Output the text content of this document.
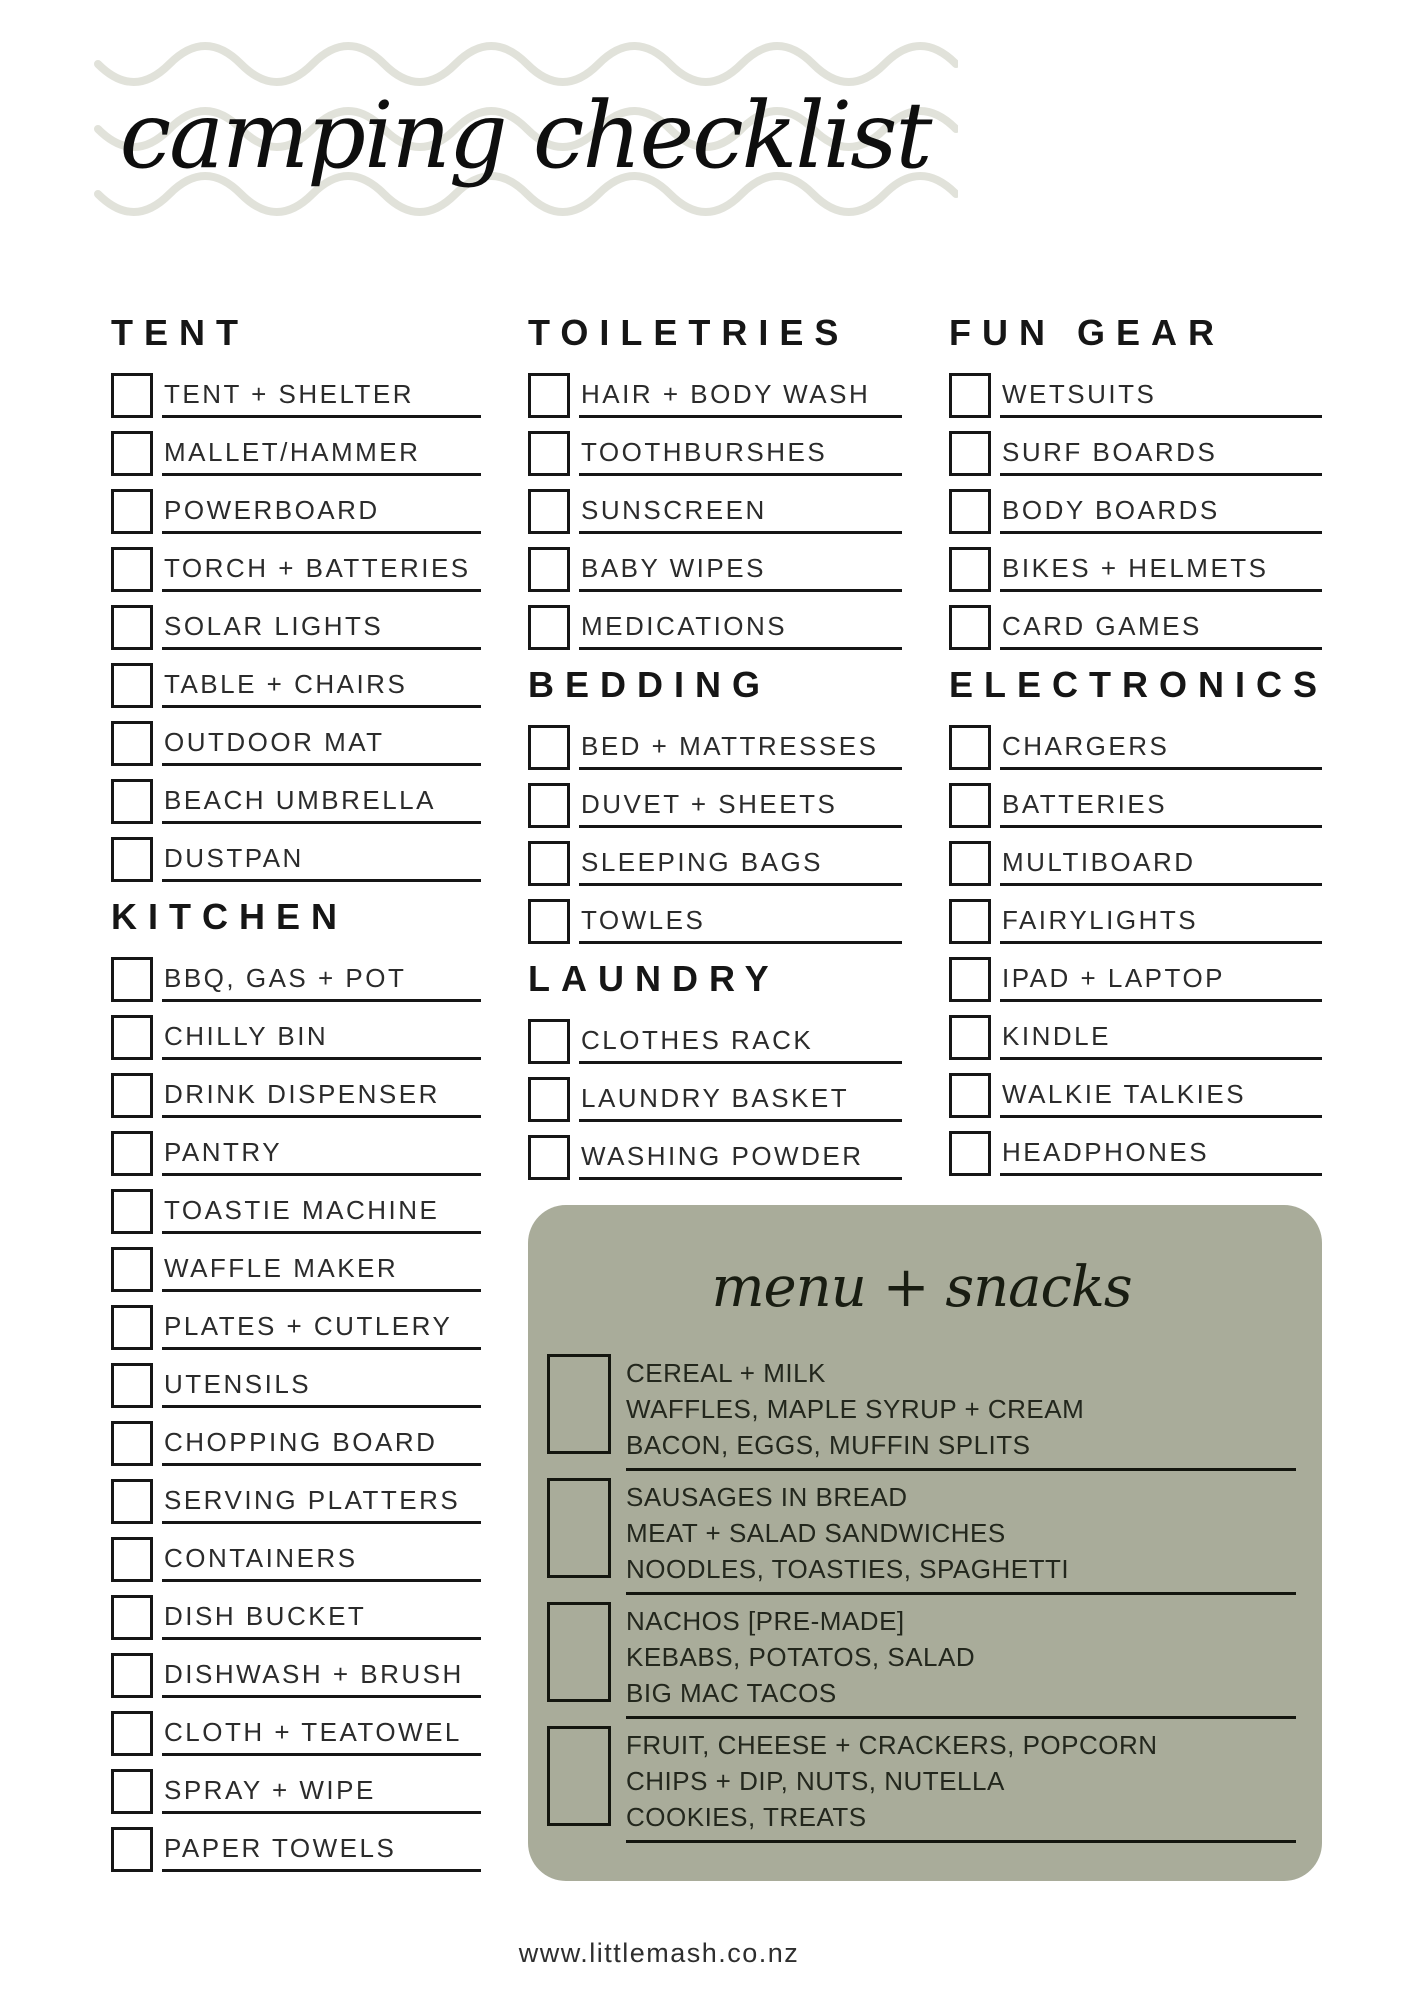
camping checklist
TENT
TENT + SHELTER
MALLET/HAMMER
POWERBOARD
TORCH + BATTERIES
SOLAR LIGHTS
TABLE + CHAIRS
OUTDOOR MAT
BEACH UMBRELLA
DUSTPAN
KITCHEN
BBQ, GAS + POT
CHILLY BIN
DRINK DISPENSER
PANTRY
TOASTIE MACHINE
WAFFLE MAKER
PLATES + CUTLERY
UTENSILS
CHOPPING BOARD
SERVING PLATTERS
CONTAINERS
DISH BUCKET
DISHWASH + BRUSH
CLOTH + TEATOWEL
SPRAY + WIPE
PAPER TOWELS
TOILETRIES
HAIR + BODY WASH
TOOTHBURSHES
SUNSCREEN
BABY WIPES
MEDICATIONS
BEDDING
BED + MATTRESSES
DUVET + SHEETS
SLEEPING BAGS
TOWLES
LAUNDRY
CLOTHES RACK
LAUNDRY BASKET
WASHING POWDER
FUN GEAR
WETSUITS
SURF BOARDS
BODY BOARDS
BIKES + HELMETS
CARD GAMES
ELECTRONICS
CHARGERS
BATTERIES
MULTIBOARD
FAIRYLIGHTS
IPAD + LAPTOP
KINDLE
WALKIE TALKIES
HEADPHONES
menu + snacks
CEREAL + MILK
WAFFLES, MAPLE SYRUP + CREAM
BACON, EGGS, MUFFIN SPLITS
SAUSAGES IN BREAD
MEAT + SALAD SANDWICHES
NOODLES, TOASTIES, SPAGHETTI
NACHOS [PRE-MADE]
KEBABS, POTATOS, SALAD
BIG MAC TACOS
FRUIT, CHEESE + CRACKERS, POPCORN
CHIPS + DIP, NUTS, NUTELLA
COOKIES, TREATS
www.littlemash.co.nz
